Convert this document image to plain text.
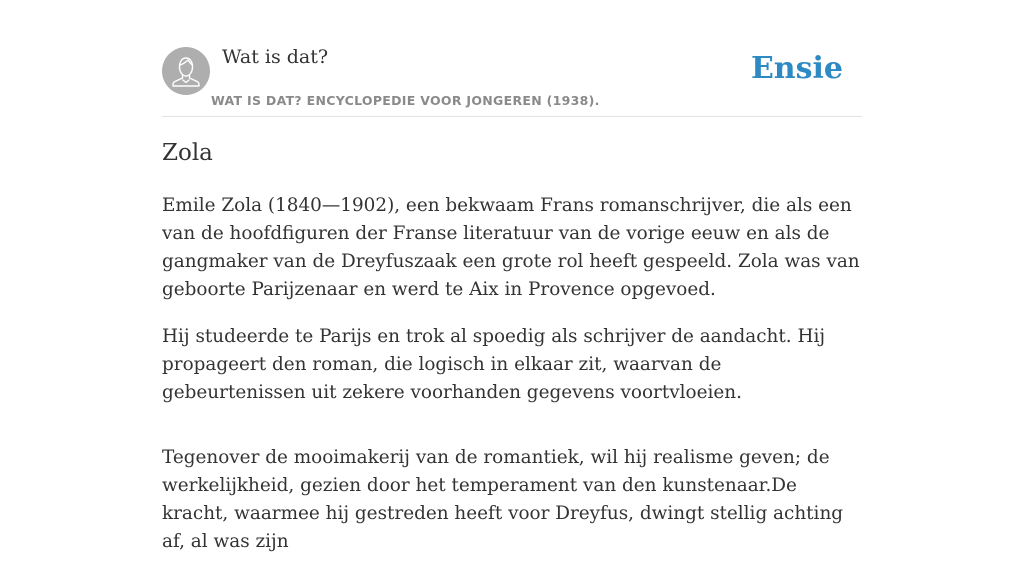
Wat is dat?
WAT IS DAT? ENCYCLOPEDIE VOOR JONGEREN (1938).
Ensie
Zola

Emile Zola (1840—1902), een bekwaam Frans romanschrijver, die als een van de hoofdfiguren der Franse literatuur van de vorige eeuw en als de gangmaker van de Dreyfuszaak een grote rol heeft gespeeld. Zola was van geboorte Parijzenaar en werd te Aix in Provence opgevoed.

Hij studeerde te Parijs en trok al spoedig als schrijver de aandacht. Hij propageert den roman, die logisch in elkaar zit, waarvan de gebeurtenissen uit zekere voorhanden gegevens voortvloeien.

Tegenover de mooimakerij van de romantiek, wil hij realisme geven; de werkelijkheid, gezien door het temperament van den kunstenaar.De kracht, waarmee hij gestreden heeft voor Dreyfus, dwingt stellig achting af, al was zijn
